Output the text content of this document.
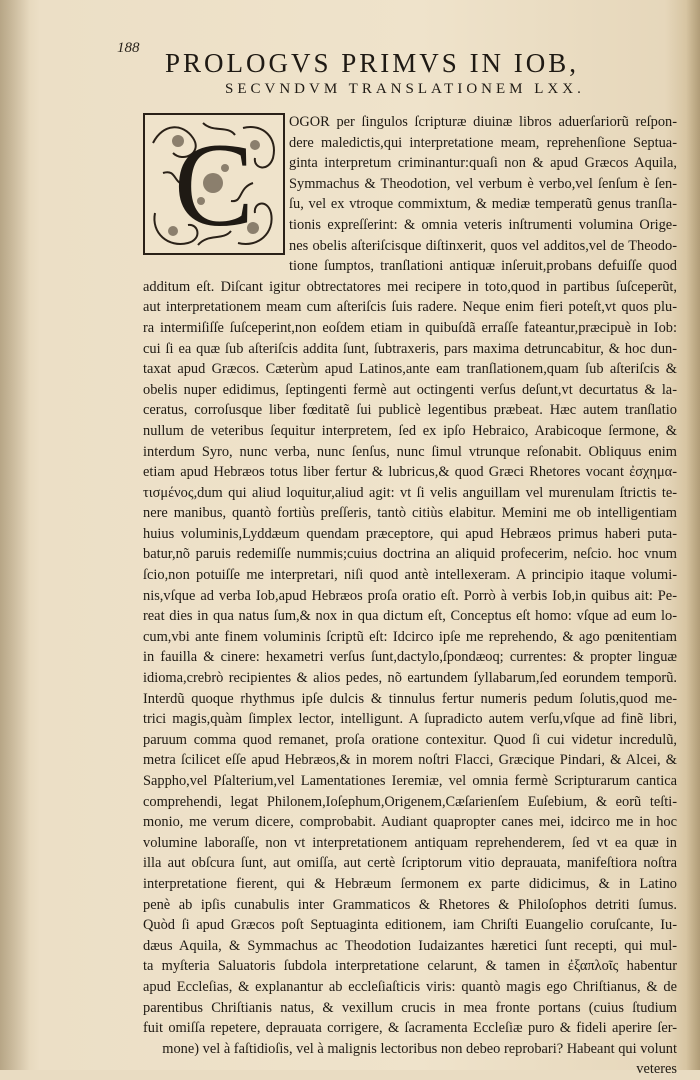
188 PROLOGVS PRIMVS IN IOB,
SECVNDVM TRANSLATIONEM LXX.
OGOR per ſingulos ſcripturæ diuinæ libros aduerſariorũ reſpon-
dere maledictis,qui interpretatione meam, reprehenſione Septua-
ginta interpretum criminantur:quaſi non & apud Græcos Aquila,
Symmachus & Theodotion, vel verbum è verbo,vel ſenſum è ſen-
ſu, vel ex vtroque commixtum, & mediæ temperatũ genus tranſla-
tionis expreſſerint: & omnia veteris inſtrumenti volumina Orige-
nes obelis aſteriſcisque diſtinxerit, quos vel additos,vel de Theodo-
tione ſumptos, tranſlationi antiquæ inſeruit,probans defuiſſe quod
additum eſt. Diſcant igitur obtrectatores mei recipere in toto,quod in partibus ſuſceperũt,
aut interpretationem meam cum aſteriſcis ſuis radere. Neque enim fieri poteſt,vt quos plu-
ra intermiſiſſe ſuſceperint,non eoſdem etiam in quibuſdã erraſſe fateantur,præcipuè in Iob:
cui ſi ea quæ ſub aſteriſcis addita ſunt, ſubtraxeris, pars maxima detruncabitur, & hoc dun-
taxat apud Græcos. Cæterùm apud Latinos,ante eam tranſlationem,quam ſub aſteriſcis &
obelis nuper edidimus, ſeptingenti fermè aut octingenti verſus deſunt,vt decurtatus & la-
ceratus, corroſusque liber fœditatẽ ſui publicè legentibus præbeat. Hæc autem tranſlatio
nullum de veteribus ſequitur interpretem, ſed ex ipſo Hebraico, Arabicoque ſermone, &
interdum Syro, nunc verba, nunc ſenſus, nunc ſimul vtrunque reſonabit. Obliquus enim
etiam apud Hebræos totus liber fertur & lubricus,& quod Græci Rhetores vocant ἐσχημα-
τισμένος,dum qui aliud loquitur,aliud agit: vt ſi velis anguillam vel murenulam ſtrictis te-
nere manibus, quantò fortiùs preſſeris, tantò citiùs elabitur. Memini me ob intelligentiam
huius voluminis,Lyddæum quendam præceptore, qui apud Hebræos primus haberi puta-
batur,nõ paruis redemiſſe nummis;cuius doctrina an aliquid profecerim, neſcio. hoc vnum
ſcio,non potuiſſe me interpretari, niſi quod antè intellexeram. A principio itaque volumi-
nis,vſque ad verba Iob,apud Hebræos proſa oratio eſt. Porrò à verbis Iob,in quibus ait: Pe-
reat dies in qua natus ſum,& nox in qua dictum eſt, Conceptus eſt homo: vſque ad eum lo-
cum,vbi ante finem voluminis ſcriptũ eſt: Idcirco ipſe me reprehendo, & ago pœnitentiam
in fauilla & cinere: hexametri verſus ſunt,dactylo,ſpondæoq; currentes: & propter linguæ
idioma,crebrò recipientes & alios pedes, nõ eartundem ſyllabarum,ſed eorundem temporũ.
Interdũ quoque rhythmus ipſe dulcis & tinnulus fertur numeris pedum ſolutis,quod me-
trici magis,quàm ſimplex lector, intelligunt. A ſupradicto autem verſu,vſque ad finẽ libri,
paruum comma quod remanet, proſa oratione contexitur. Quod ſi cui videtur incredulũ,
metra ſcilicet eſſe apud Hebræos,& in morem noſtri Flacci, Græcique Pindari, & Alcei, &
Sappho,vel Pſalterium,vel Lamentationes Ieremiæ, vel omnia fermè Scripturarum cantica
comprehendi, legat Philonem,Ioſephum,Origenem,Cæſarienſem Euſebium, & eorũ teſti-
monio, me verum dicere, comprobabit. Audiant quapropter canes mei, idcirco me in hoc
volumine laboraſſe, non vt interpretationem antiquam reprehenderem, ſed vt ea quæ in
illa aut obſcura ſunt, aut omiſſa, aut certè ſcriptorum vitio deprauata, manifeſtiora noſtra
interpretatione fierent, qui & Hebræum ſermonem ex parte didicimus, & in Latino
penè ab ipſis cunabulis inter Grammaticos & Rhetores & Philoſophos detriti ſumus.
Quòd ſi apud Græcos poſt Septuaginta editionem, iam Chriſti Euangelio coruſcante, Iu-
dæus Aquila, & Symmachus ac Theodotion Iudaizantes hæretici ſunt recepti, qui mul-
ta myſteria Saluatoris ſubdola interpretatione celarunt, & tamen in ἐξαπλοῖς habentur
apud Eccleſias, & explanantur ab eccleſiaſticis viris: quantò magis ego Chriſtianus, & de
parentibus Chriſtianis natus, & vexillum crucis in mea fronte portans (cuius ſtudium
fuit omiſſa repetere, deprauata corrigere, & ſacramenta Eccleſiæ puro & fideli aperire ſer-
mone) vel à faſtidioſis, vel à malignis lectoribus non debeo reprobari? Habeant qui volunt
veteres
C
